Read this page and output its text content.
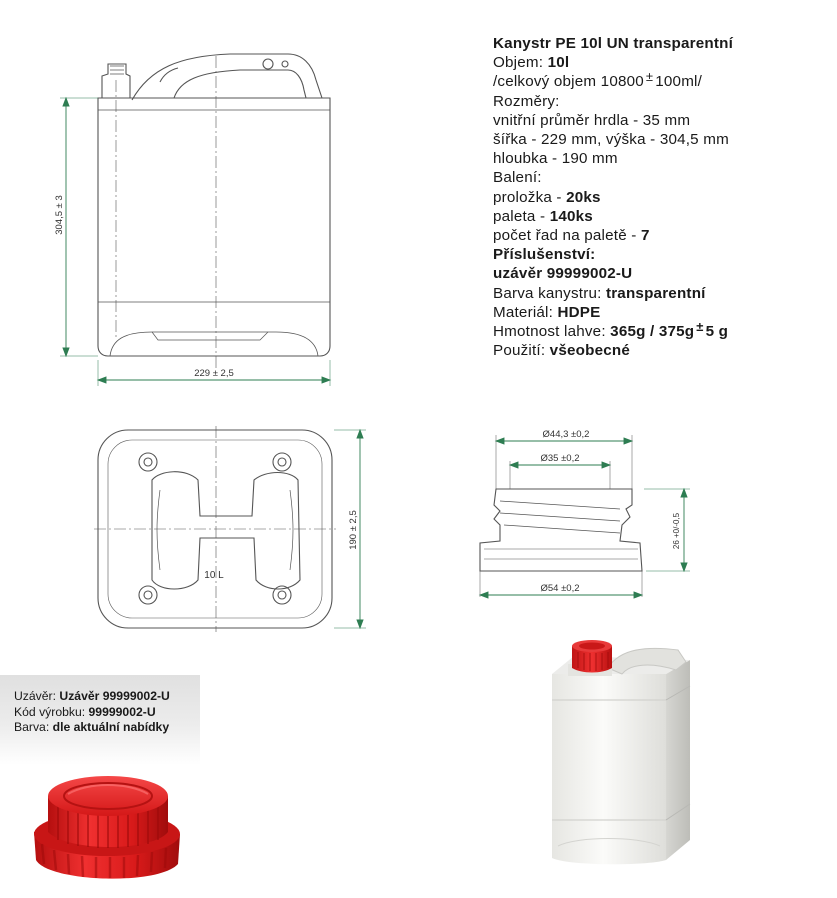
304,5 ± 3
229 ± 2,5
10 L
190 ± 2,5
Ø44,3 ±0,2
Ø35 ±0,2
Ø54 ±0,2
26 +0/-0,5
Kanystr PE 10l UN transparentní
Objem: 10l
/celkový objem 10800 ± 100ml/
Rozměry:
vnitřní průměr hrdla - 35 mm
šířka - 229 mm, výška - 304,5 mm
hloubka - 190 mm
Balení:
proložka - 20ks
paleta - 140ks
počet řad na paletě - 7
Příslušenství:
uzávěr 99999002-U
Barva kanystru: transparentní
Materiál: HDPE
Hmotnost lahve: 365g / 375g ± 5 g
Použití: všeobecné
Uzávěr: Uzávěr 99999002-U
Kód výrobku: 99999002-U
Barva: dle aktuální nabídky
